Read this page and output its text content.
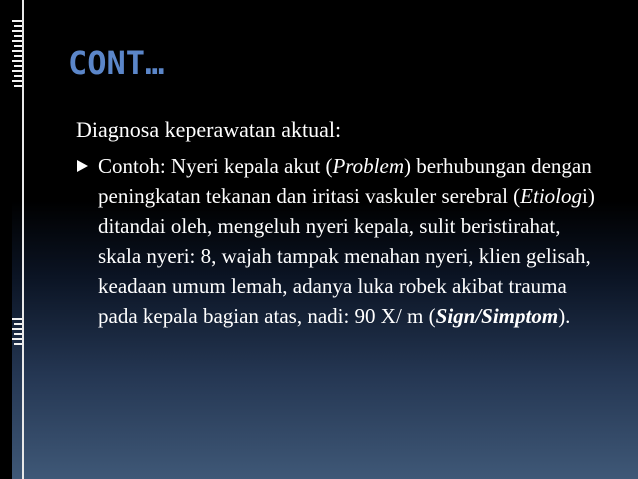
CONT…
Diagnosa keperawatan aktual:
Contoh: Nyeri kepala akut (Problem) berhubungan dengan peningkatan tekanan dan iritasi vaskuler serebral (Etiologi) ditandai oleh, mengeluh nyeri kepala, sulit beristirahat, skala nyeri: 8, wajah tampak menahan nyeri, klien gelisah, keadaan umum lemah, adanya luka robek akibat trauma pada kepala bagian atas, nadi: 90 X/ m (Sign/Simptom).
